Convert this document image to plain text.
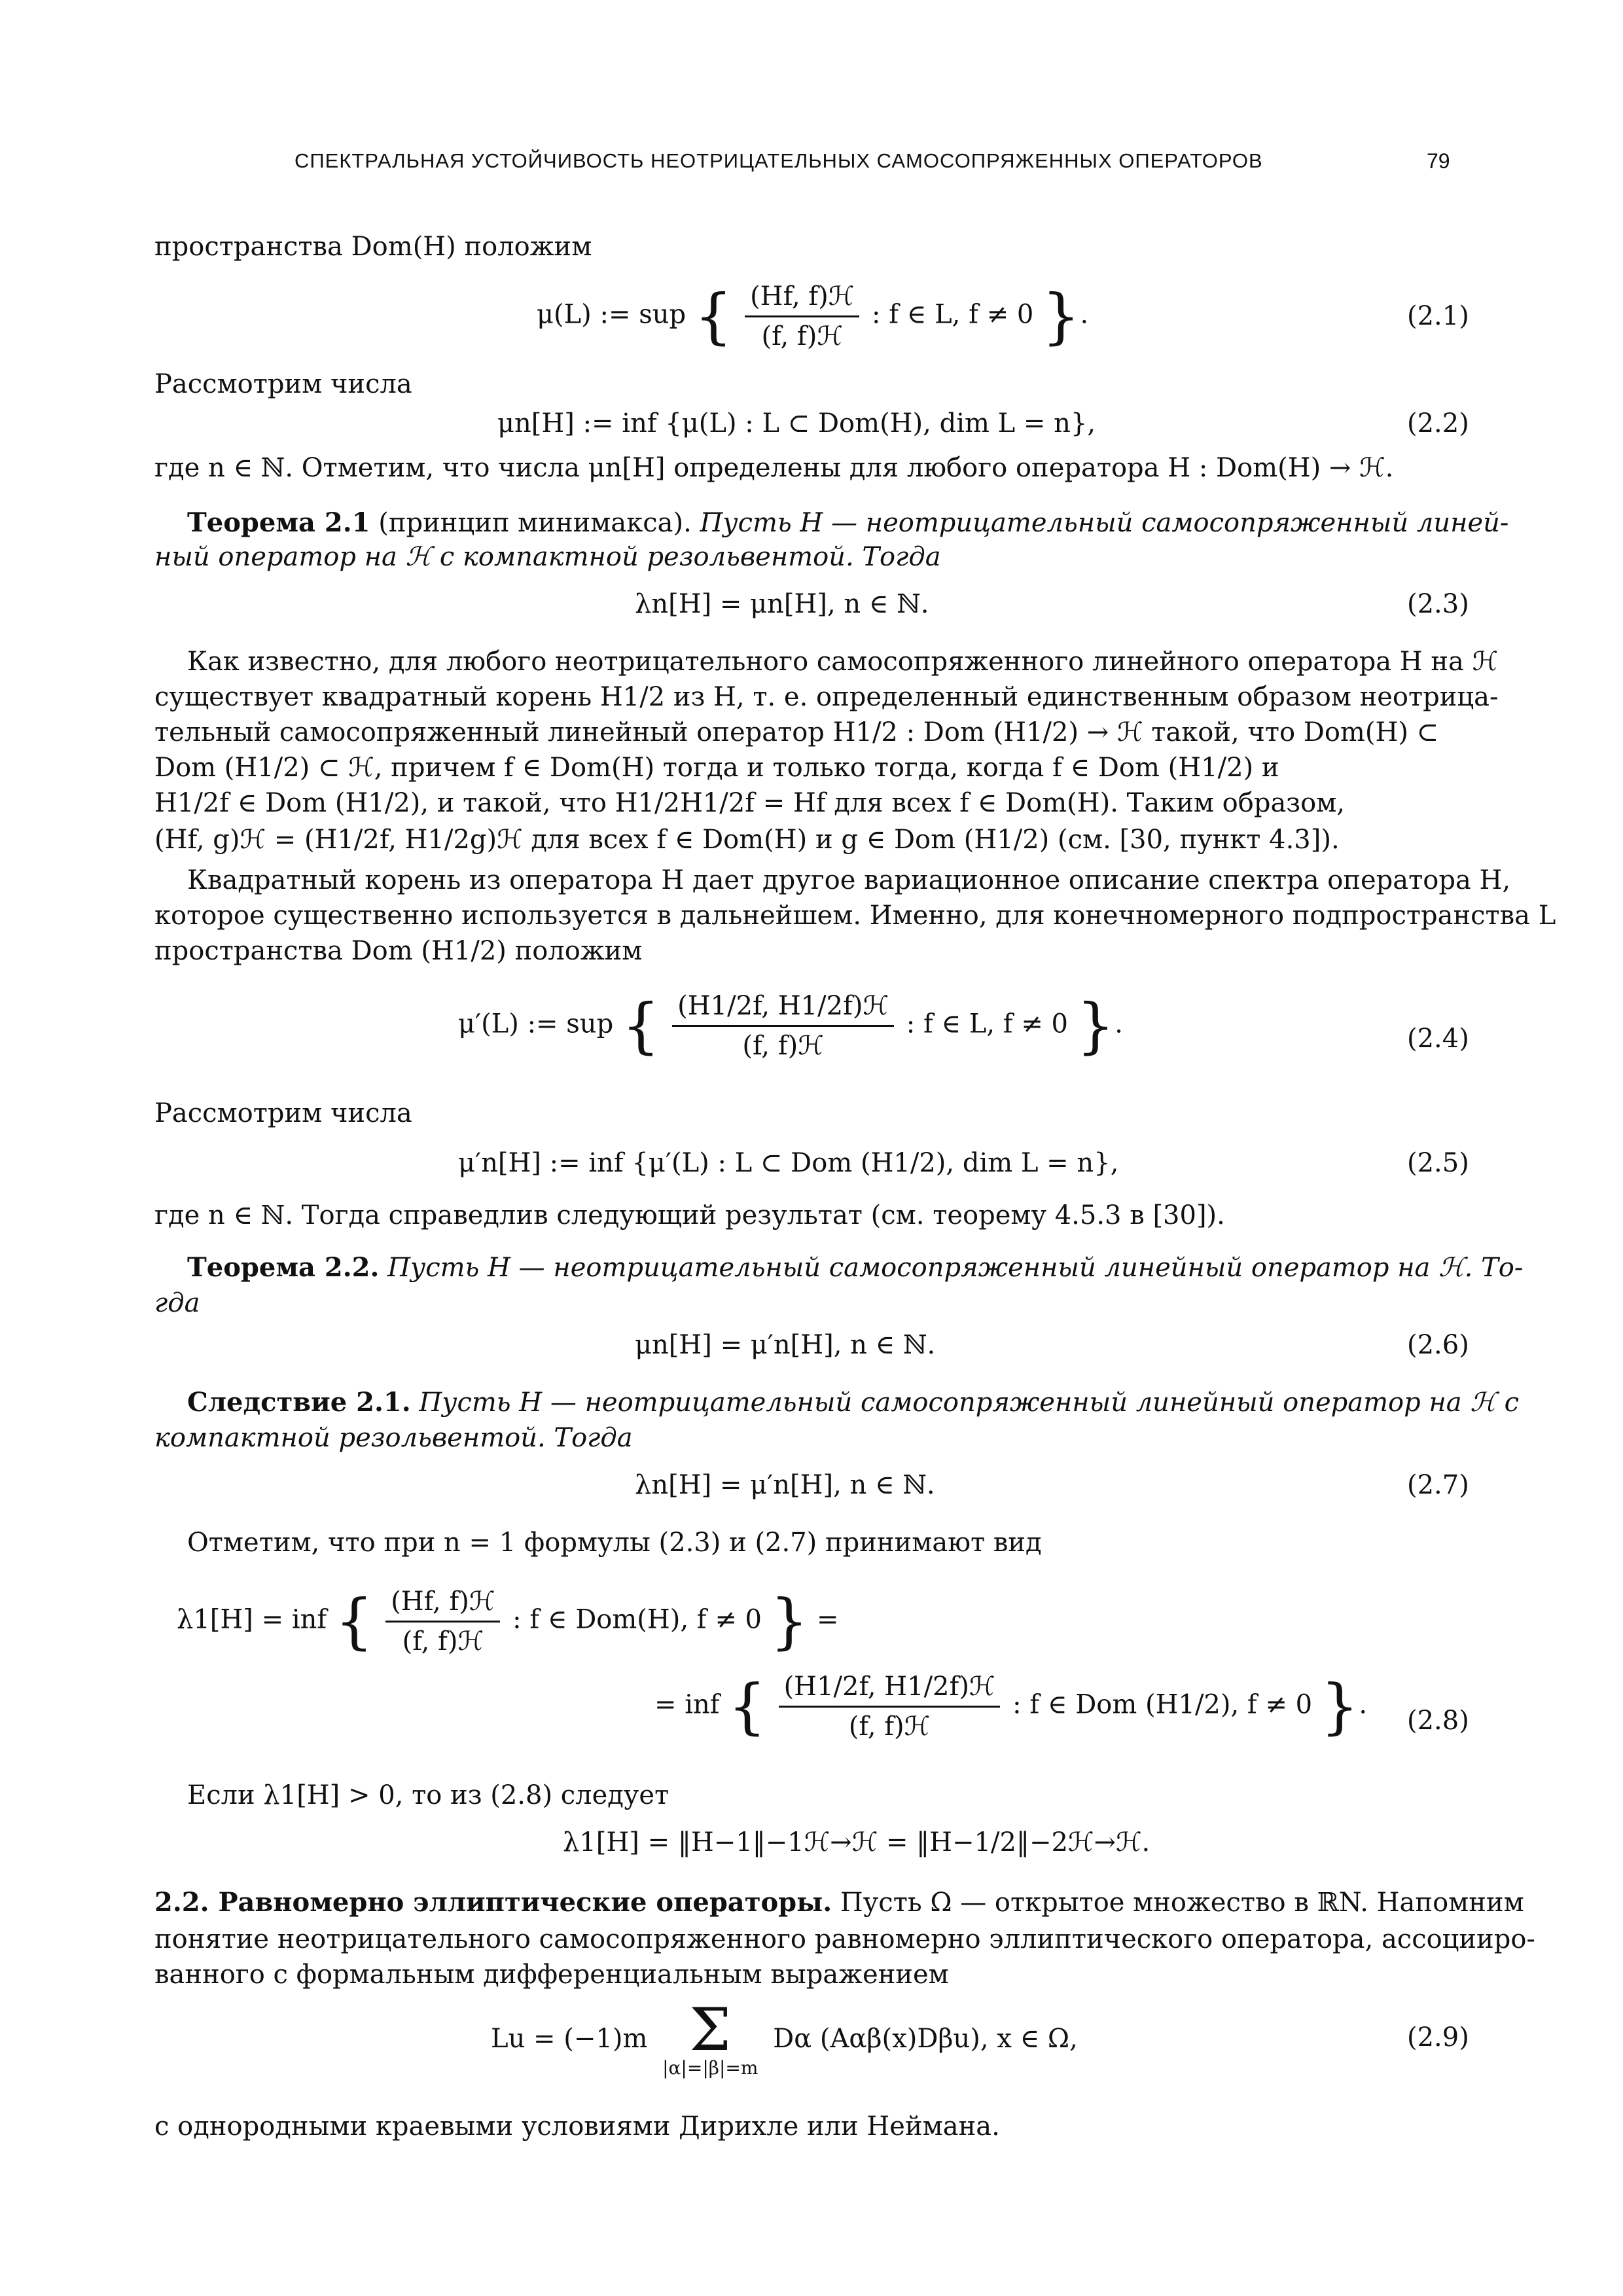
СПЕКТРАЛЬНАЯ УСТОЙЧИВОСТЬ НЕОТРИЦАТЕЛЬНЫХ САМОСОПРЯЖЕННЫХ ОПЕРАТОРОВ	79
пространства Dom(H) положим
μ(L) := sup { $\frac{\text{(Hf, f)ℋ}}{\text{(f, f)ℋ}}$ : f ∈ L, f ≠ 0 }.	(2.1)
Рассмотрим числа
μn[H] := inf {μ(L) : L ⊂ Dom(H), dim L = n},	(2.2)
где n ∈ ℕ. Отметим, что числа μn[H] определены для любого оператора H : Dom(H) → ℋ.
Теорема 2.1 (принцип минимакса). Пусть H — неотрицательный самосопряженный линей-
ный оператор на ℋ с компактной резольвентой. Тогда
λn[H] = μn[H], n ∈ ℕ.	(2.3)
Как известно, для любого неотрицательного самосопряженного линейного оператора H на ℋ
существует квадратный корень H1/2 из H, т. е. определенный единственным образом неотрица-
тельный самосопряженный линейный оператор H1/2 : Dom (H1/2) → ℋ такой, что Dom(H) ⊂
Dom (H1/2) ⊂ ℋ, причем f ∈ Dom(H) тогда и только тогда, когда f ∈ Dom (H1/2) и
H1/2f ∈ Dom (H1/2), и такой, что H1/2H1/2f = Hf для всех f ∈ Dom(H). Таким образом,
(Hf, g)ℋ = (H1/2f, H1/2g)ℋ для всех f ∈ Dom(H) и g ∈ Dom (H1/2) (см. [30, пункт 4.3]).
Квадратный корень из оператора H дает другое вариационное описание спектра оператора H,
которое существенно используется в дальнейшем. Именно, для конечномерного подпространства L
пространства Dom (H1/2) положим
μ′(L) := sup { $\frac{\text{(H1/2f, H1/2f)ℋ}}{\text{(f, f)ℋ}}$ : f ∈ L, f ≠ 0 }.	(2.4)
Рассмотрим числа
μ′n[H] := inf {μ′(L) : L ⊂ Dom (H1/2), dim L = n},	(2.5)
где n ∈ ℕ. Тогда справедлив следующий результат (см. теорему 4.5.3 в [30]).
Теорема 2.2. Пусть H — неотрицательный самосопряженный линейный оператор на ℋ. То-
гда
μn[H] = μ′n[H], n ∈ ℕ.	(2.6)
Следствие 2.1. Пусть H — неотрицательный самосопряженный линейный оператор на ℋ с
компактной резольвентой. Тогда
λn[H] = μ′n[H], n ∈ ℕ.	(2.7)
Отметим, что при n = 1 формулы (2.3) и (2.7) принимают вид
λ1[H] = inf { $\frac{\text{(Hf, f)ℋ}}{\text{(f, f)ℋ}}$ : f ∈ Dom(H), f ≠ 0 } =
= inf { $\frac{\text{(H1/2f, H1/2f)ℋ}}{\text{(f, f)ℋ}}$ : f ∈ Dom (H1/2), f ≠ 0 }.
(2.8)
Если λ1[H] > 0, то из (2.8) следует
λ1[H] = ‖H−1‖−1ℋ→ℋ = ‖H−1/2‖−2ℋ→ℋ.
2.2. Равномерно эллиптические операторы. Пусть Ω — открытое множество в ℝN. Напомним
понятие неотрицательного самосопряженного равномерно эллиптического оператора, ассоцииро-
ванного с формальным дифференциальным выражением
Lu = (−1)m Σ
|α|=|β|=m
Dα (Aαβ(x)Dβu), x ∈ Ω,	(2.9)
с однородными краевыми условиями Дирихле или Неймана.
